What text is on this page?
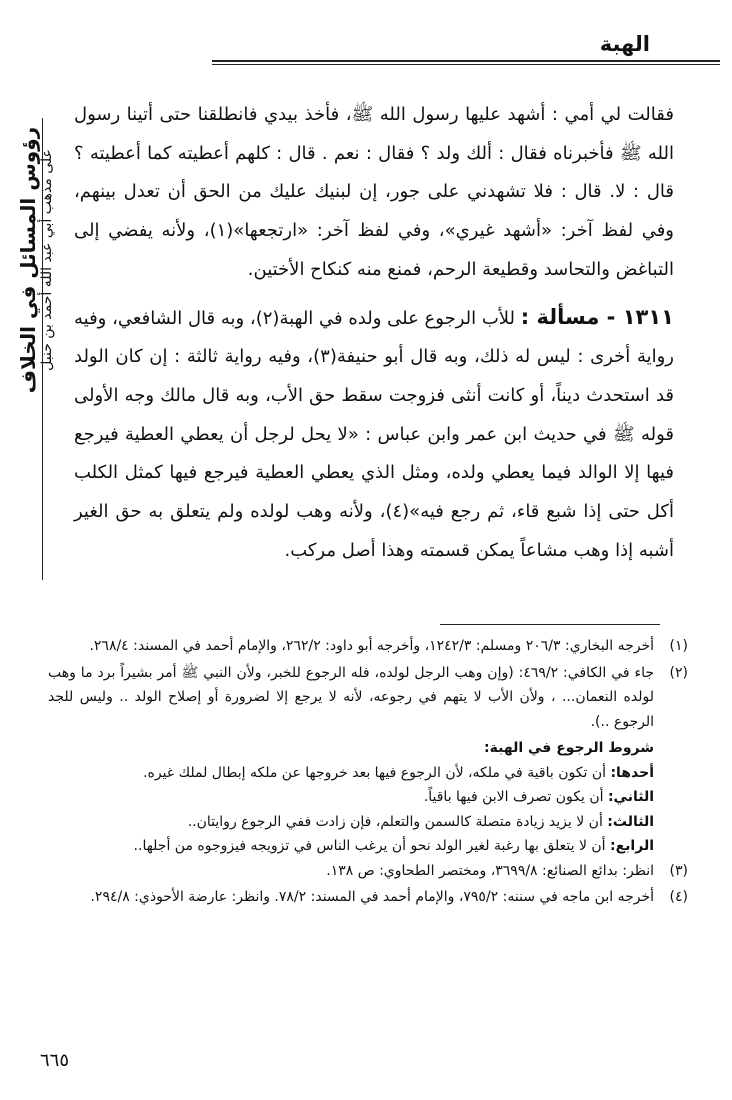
الهبة
رؤوس المسائل في الخلاف على مذهب أبي عبد الله أحمد بن حنبل

فقالت لي أمي : أشهد عليها رسول الله ﷺ، فأخذ بيدي فانطلقنا حتى أتينا رسول الله ﷺ فأخبرناه فقال : ألك ولد ؟ فقال : نعم . قال : كلهم أعطيته كما أعطيته ؟ قال : لا. قال : فلا تشهدني على جور، إن لبنيك عليك من الحق أن تعدل بينهم، وفي لفظ آخر: «أشهد غيري»، وفي لفظ آخر: «ارتجعها»(١)، ولأنه يفضي إلى التباغض والتحاسد وقطيعة الرحم، فمنع منه كنكاح الأختين.

١٣١١ - مسألة : للأب الرجوع على ولده في الهبة(٢)، وبه قال الشافعي، وفيه رواية أخرى : ليس له ذلك، وبه قال أبو حنيفة(٣)، وفيه رواية ثالثة : إن كان الولد قد استحدث ديناً، أو كانت أنثى فزوجت سقط حق الأب، وبه قال مالك وجه الأولى قوله ﷺ في حديث ابن عمر وابن عباس : «لا يحل لرجل أن يعطي العطية فيرجع فيها إلا الوالد فيما يعطي ولده، ومثل الذي يعطي العطية فيرجع فيها كمثل الكلب أكل حتى إذا شبع قاء، ثم رجع فيه»(٤)، ولأنه وهب لولده ولم يتعلق به حق الغير أشبه إذا وهب مشاعاً يمكن قسمته وهذا أصل مركب.

(١)
أخرجه البخاري: ٢٠٦/٣ ومسلم: ١٢٤٢/٣، وأخرجه أبو داود: ٢٦٢/٢، والإمام أحمد في المسند: ٢٦٨/٤.

(٢)
جاء في الكافي: ٤٦٩/٢: (وإن وهب الرجل لولده، فله الرجوع للخبر، ولأن النبي ﷺ أمر بشيراً برد ما وهب لولده النعمان... ، ولأن الأب لا يتهم في رجوعه، لأنه لا يرجع إلا لضرورة أو إصلاح الولد .. وليس للجد الرجوع ..).

شروط الرجوع في الهبة:

أحدها: أن تكون باقية في ملكه، لأن الرجوع فيها بعد خروجها عن ملكه إبطال لملك غيره.

الثاني: أن يكون تصرف الابن فيها باقياً.

الثالث: أن لا يزيد زيادة متصلة كالسمن والتعلم، فإن زادت ففي الرجوع روايتان..

الرابع: أن لا يتعلق بها رغبة لغير الولد نحو أن يرغب الناس في تزويجه فيزوجوه من أجلها..

(٣)
انظر: بدائع الصنائع: ٣٦٩٩/٨، ومختصر الطحاوي: ص ١٣٨.

(٤)
أخرجه ابن ماجه في سننه: ٧٩٥/٢، والإمام أحمد في المسند: ٧٨/٢. وانظر: عارضة الأحوذي: ٢٩٤/٨.

٦٦٥
